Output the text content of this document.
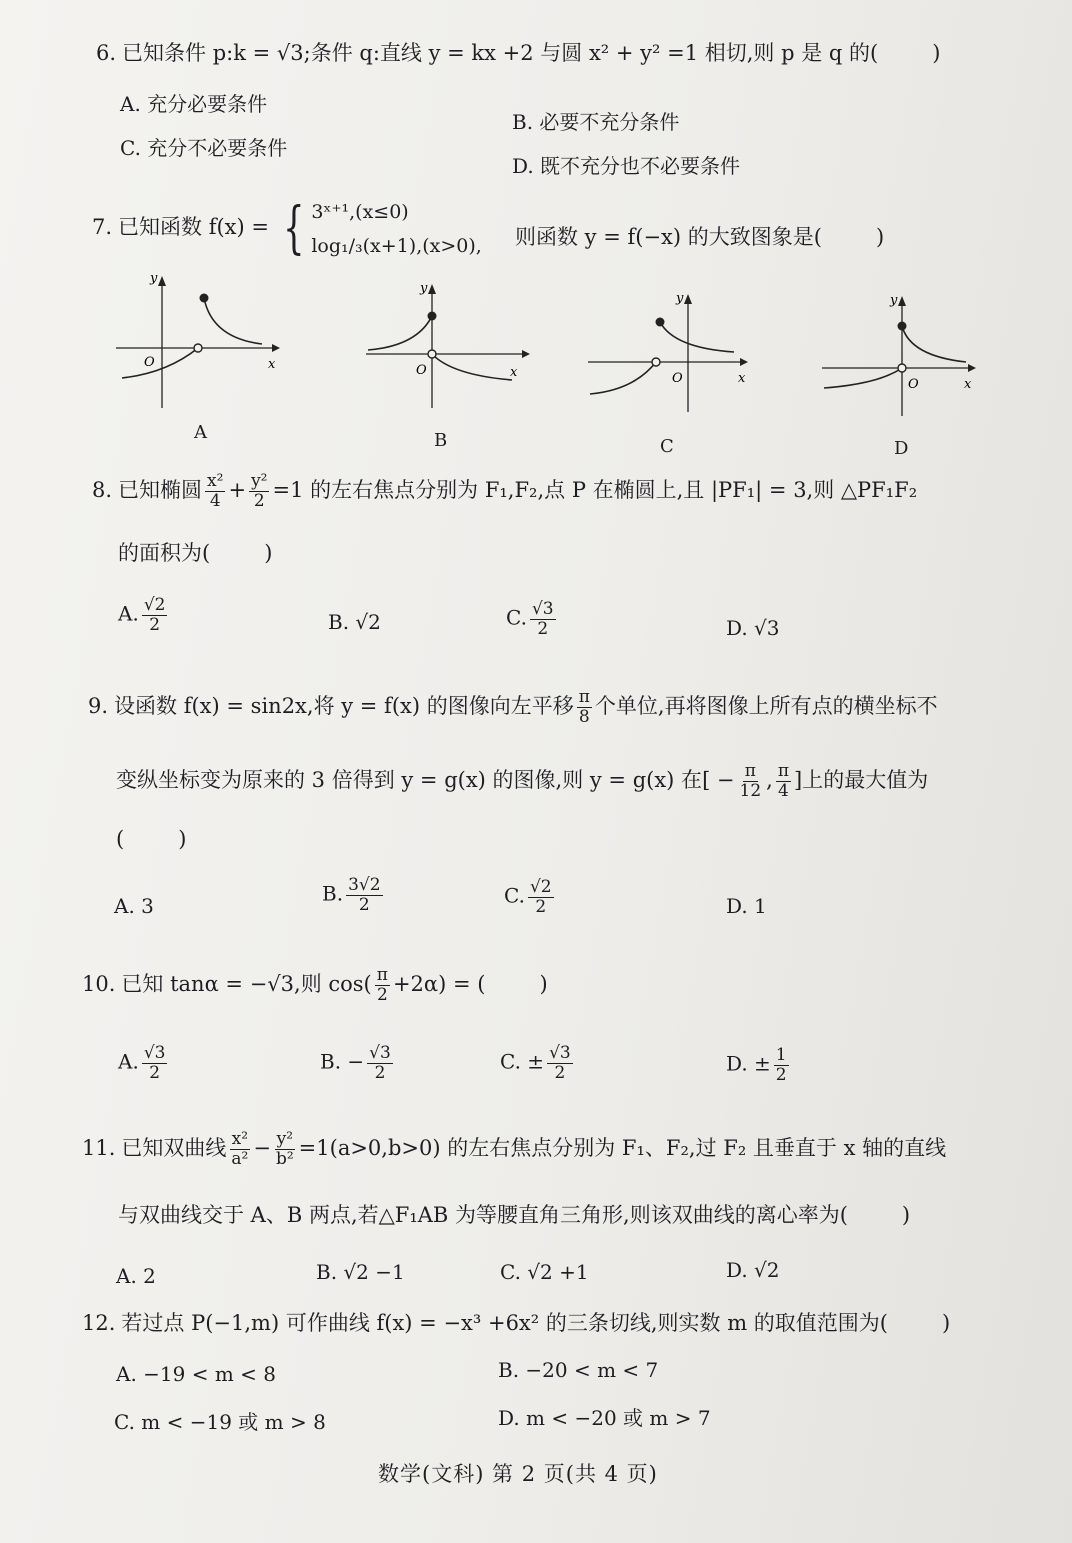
6. 已知条件 p:k = √3;条件 q:直线 y = kx +2 与圆 x² + y² =1 相切,则 p 是 q 的(	)
A. 充分必要条件
B. 必要不充分条件
C. 充分不必要条件
D. 既不充分也不必要条件
7. 已知函数 f(x) = { 3ˣ⁺¹,(x≤0)
log₁/₃(x+1),(x>0), 则函数 y = f(−x) 的大致图象是(	)
y
x
O
A
y
x
O
B
y
x
O
C
y
x
O
D
8. 已知椭圆 $\frac{\text{x²}}{4} + \frac{\text{y²}}{2} =1$ 的左右焦点分别为 F₁,F₂,点 P 在椭圆上,且 |PF₁| = 3,则 △PF₁F₂
的面积为(	)
A. $\frac{√2}{2}$	B. √2	C. $\frac{√3}{2}$	D. √3
9. 设函数 f(x) = sin2x,将 y = f(x) 的图像向左平移 $\frac{\pi}{8}$ 个单位,再将图像上所有点的横坐标不
变纵坐标变为原来的 3 倍得到 y = g(x) 的图像,则 y = g(x) 在[ − $\frac{\pi}{12}$ , $\frac{\pi}{4}$ ]上的最大值为
(	)
A. 3
B. $\frac{3√2}{2}$	C. $\frac{√2}{2}$	D. 1
10. 已知 tanα = −√3,则 $\cos( \frac{\pi}{2} +2\alpha)$ = (	)
A. $\frac{√3}{2}$	B. − $\frac{√3}{2}$	C. ± $\frac{√3}{2}$	D. ± $\frac{1}{2}$
11. 已知双曲线 $\frac{\text{x²}}{\text{a²}} - \frac{\text{y²}}{\text{b²}} =1(a>0,b>0)$ 的左右焦点分别为 F₁、F₂,过 F₂ 且垂直于 x 轴的直线
与双曲线交于 A、B 两点,若△F₁AB 为等腰直角三角形,则该双曲线的离心率为(	)
A. 2	B. √2 −1	C. √2 +1	D. √2
12. 若过点 P(−1,m) 可作曲线 f(x) = −x³ +6x² 的三条切线,则实数 m 的取值范围为(	)
A. −19 < m < 8	B. −20 < m < 7
C. m < −19 或 m > 8	D. m < −20 或 m > 7
数学(文科) 第 2 页(共 4 页)
